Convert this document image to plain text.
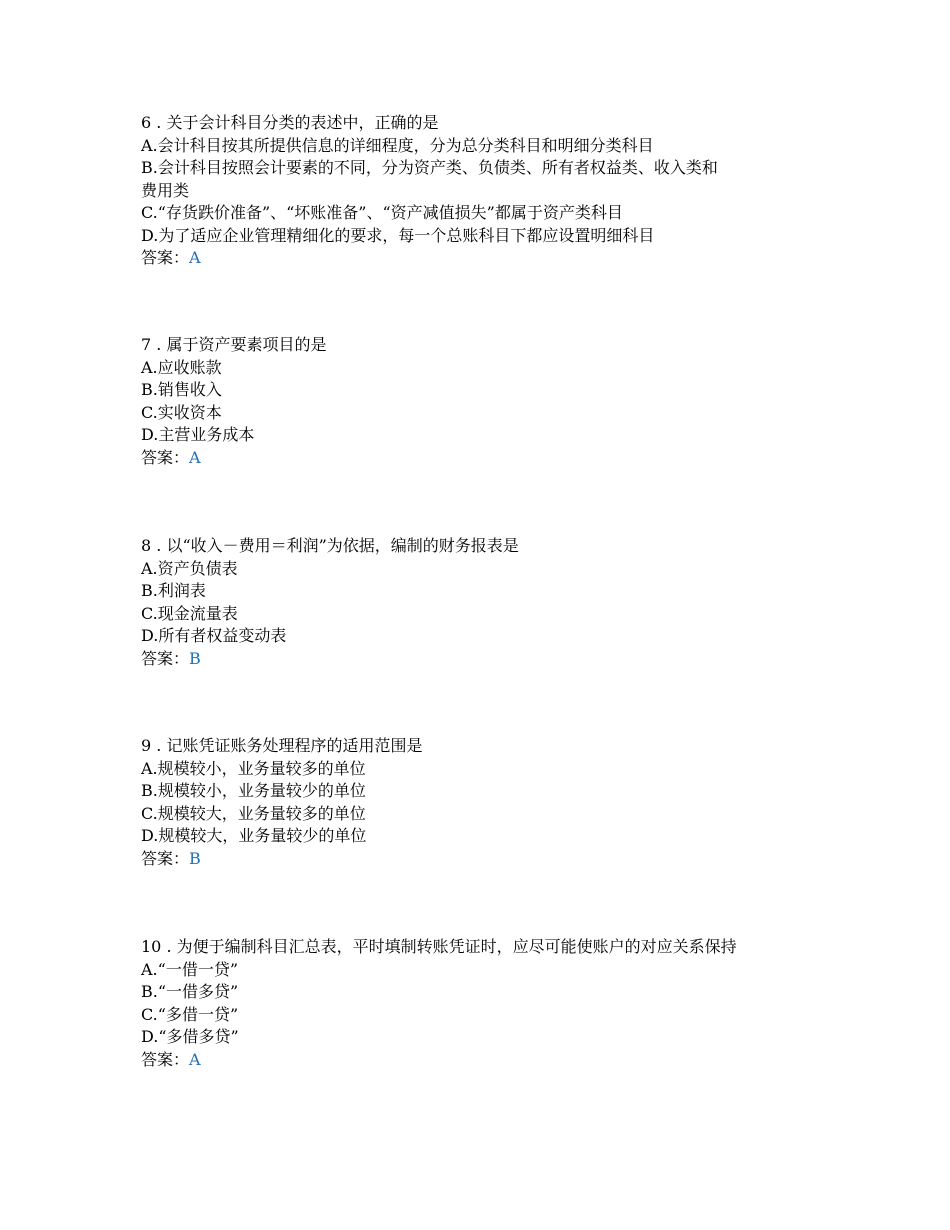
6 . 关于会计科目分类的表述中，正确的是
A.会计科目按其所提供信息的详细程度，分为总分类科目和明细分类科目
B.会计科目按照会计要素的不同，分为资产类、负债类、所有者权益类、收入类和
费用类
C.“存货跌价准备”、“坏账准备”、“资产减值损失”都属于资产类科目
D.为了适应企业管理精细化的要求，每一个总账科目下都应设置明细科目
答案：A
7 . 属于资产要素项目的是
A.应收账款
B.销售收入
C.实收资本
D.主营业务成本
答案：A
8 . 以“收入－费用＝利润”为依据，编制的财务报表是
A.资产负债表
B.利润表
C.现金流量表
D.所有者权益变动表
答案：B
9 . 记账凭证账务处理程序的适用范围是
A.规模较小，业务量较多的单位
B.规模较小，业务量较少的单位
C.规模较大，业务量较多的单位
D.规模较大，业务量较少的单位
答案：B
10 . 为便于编制科目汇总表，平时填制转账凭证时，应尽可能使账户的对应关系保持
A.“一借一贷”
B.“一借多贷”
C.“多借一贷”
D.“多借多贷”
答案：A
